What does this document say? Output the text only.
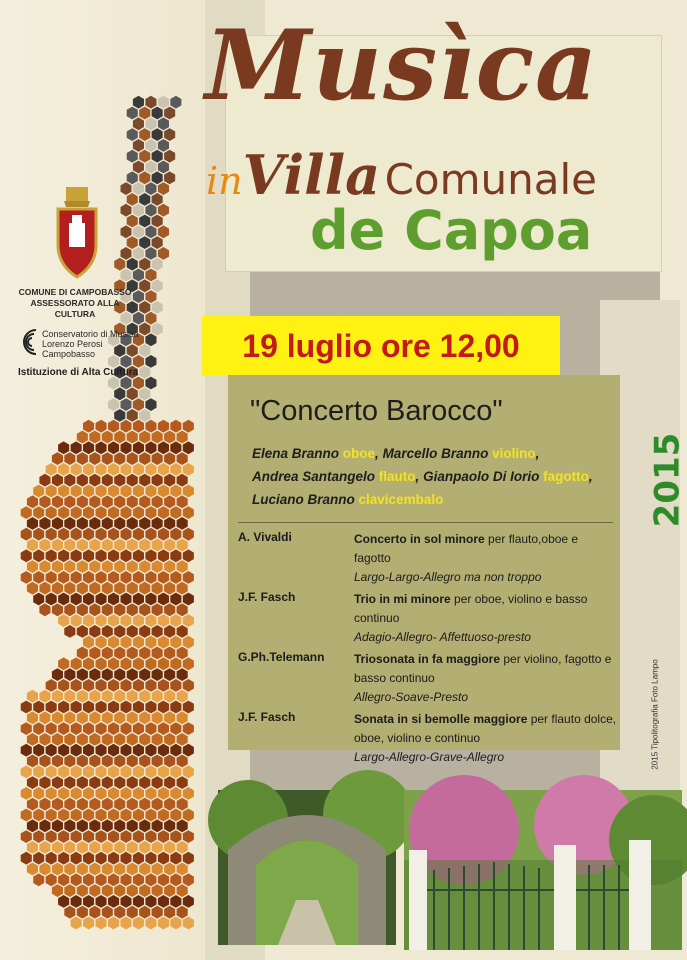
Musìca
inVilla Comunale
de Capoa
COMUNE DI CAMPOBASSO
ASSESSORATO ALLA CULTURA
Conservatorio di Musica
Lorenzo Perosi
Campobasso
Istituzione di Alta Cultura
19 luglio ore 12,00
2015
2015 Tipolitografia Foto Lampo
"Concerto Barocco"
Elena Branno oboe, Marcello Branno violino,
Andrea Santangelo flauto, Gianpaolo Di Iorio fagotto,
Luciano Branno clavicembalo
A. Vivaldi	Concerto in sol minore per flauto,oboe e fagotto
Largo-Largo-Allegro ma non troppo
J.F. Fasch	Trio in mi minore per oboe, violino e basso continuo
Adagio-Allegro- Affettuoso-presto
G.Ph.Telemann	Triosonata in fa maggiore per violino, fagotto e basso continuo
Allegro-Soave-Presto
J.F. Fasch	Sonata in si bemolle maggiore per flauto dolce, oboe, violino e continuo
Largo-Allegro-Grave-Allegro
